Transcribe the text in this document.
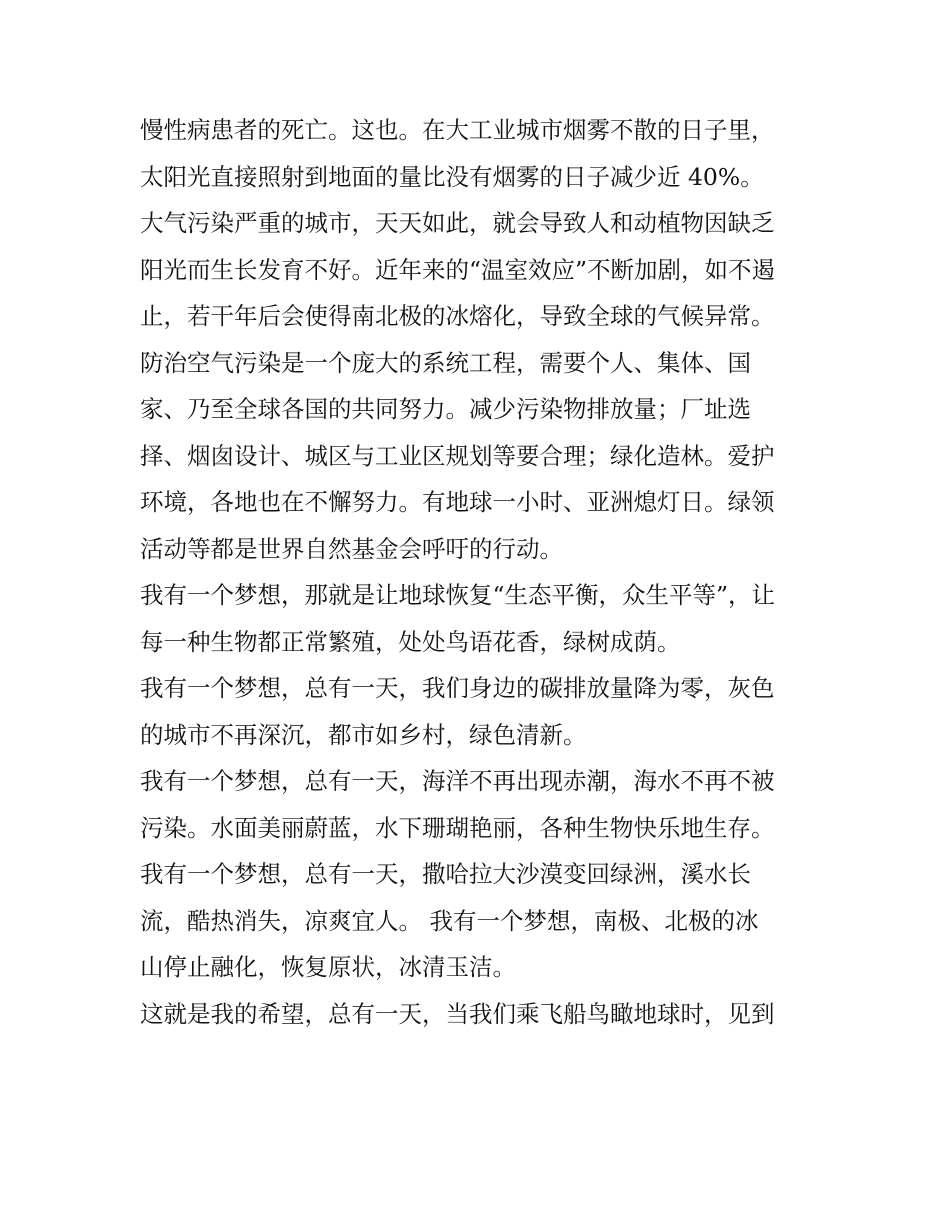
慢性病患者的死亡。这也。在大工业城市烟雾不散的日子里，
太阳光直接照射到地面的量比没有烟雾的日子减少近 40%。
大气污染严重的城市，天天如此，就会导致人和动植物因缺乏
阳光而生长发育不好。近年来的“温室效应”不断加剧，如不遏
止，若干年后会使得南北极的冰熔化，导致全球的气候异常。
防治空气污染是一个庞大的系统工程，需要个人、集体、国
家、乃至全球各国的共同努力。减少污染物排放量；厂址选
择、烟囱设计、城区与工业区规划等要合理；绿化造林。爱护
环境，各地也在不懈努力。有地球一小时、亚洲熄灯日。绿领
活动等都是世界自然基金会呼吁的行动。
我有一个梦想，那就是让地球恢复“生态平衡，众生平等”，让
每一种生物都正常繁殖，处处鸟语花香，绿树成荫。
我有一个梦想，总有一天，我们身边的碳排放量降为零，灰色
的城市不再深沉，都市如乡村，绿色清新。
我有一个梦想，总有一天，海洋不再出现赤潮，海水不再不被
污染。水面美丽蔚蓝，水下珊瑚艳丽，各种生物快乐地生存。
我有一个梦想，总有一天，撒哈拉大沙漠变回绿洲，溪水长
流，酷热消失，凉爽宜人。 我有一个梦想，南极、北极的冰
山停止融化，恢复原状，冰清玉洁。
这就是我的希望，总有一天，当我们乘飞船鸟瞰地球时，见到
